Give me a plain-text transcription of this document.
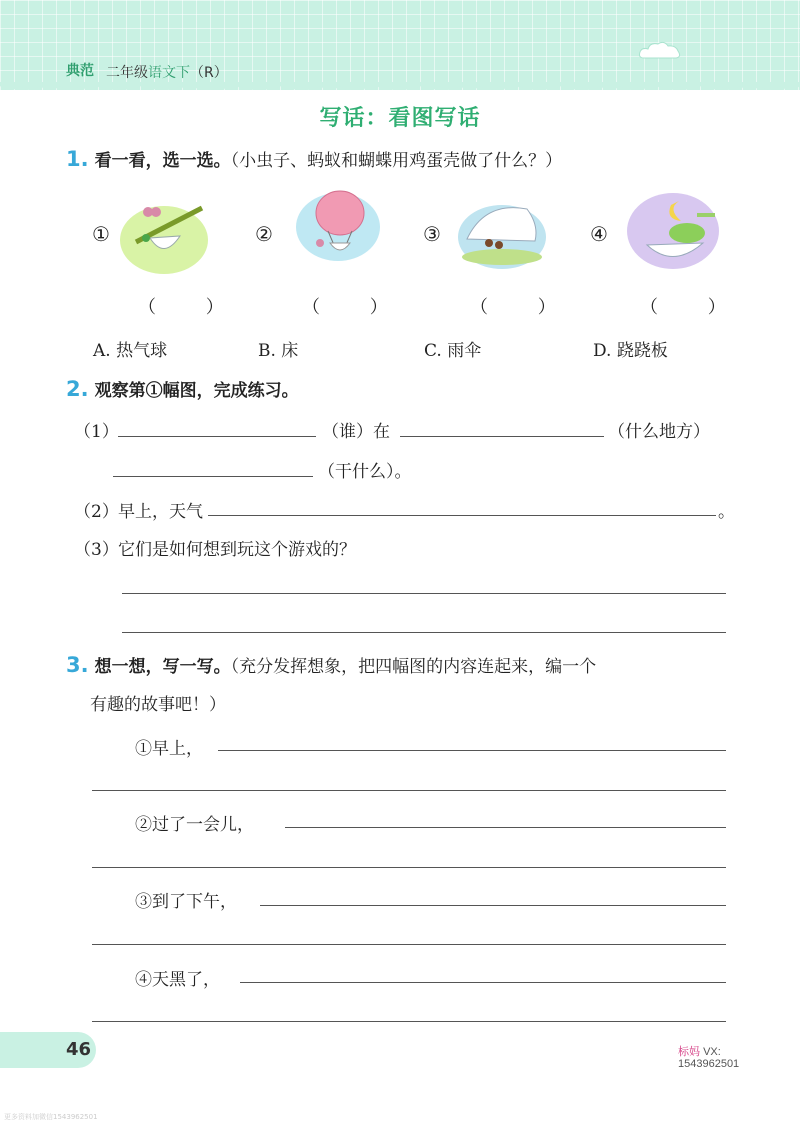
典范 二年级语文下（R）
写话：看图写话
1. 看一看，选一选。（小虫子、蚂蚁和蝴蝶用鸡蛋壳做了什么？）
①	②	③	④
（ ）	（ ）	（ ）	（ ）
A. 热气球	B. 床	C. 雨伞	D. 跷跷板
2. 观察第①幅图，完成练习。
（1）	（谁）在	（什么地方）
（干什么）。
（2） 早上，天气	。
（3） 它们是如何想到玩这个游戏的？
3. 想一想，写一写。（充分发挥想象，把四幅图的内容连起来，编一个
有趣的故事吧！）
①早上，
②过了一会儿，
③到了下午，
④天黑了，
46	标妈 VX:
1543962501
更多资料加微信1543962501
